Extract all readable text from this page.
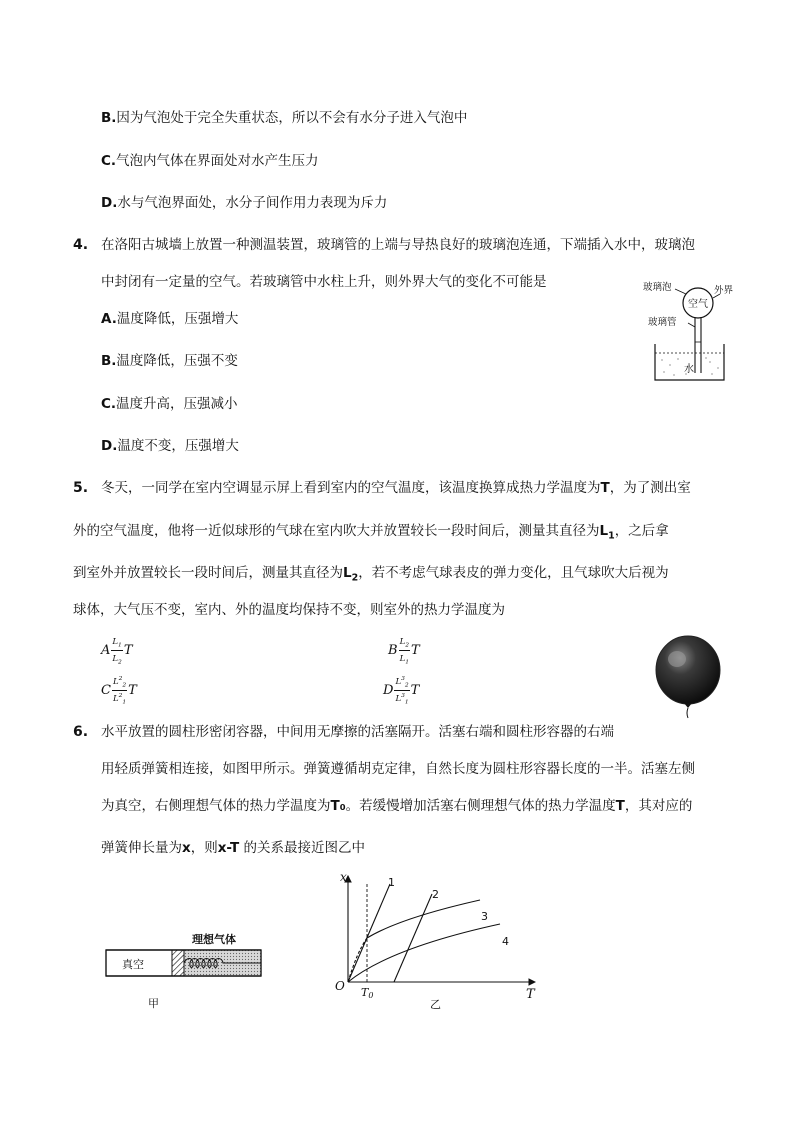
B.因为气泡处于完全失重状态，所以不会有水分子进入气泡中
C.气泡内气体在界面处对水产生压力
D.水与气泡界面处，水分子间作用力表现为斥力
4. 在洛阳古城墙上放置一种测温装置，玻璃管的上端与导热良好的玻璃泡连通，下端插入水中，玻璃泡
中封闭有一定量的空气。若玻璃管中水柱上升，则外界大气的变化不可能是
A.温度降低，压强增大
B.温度降低，压强不变
C.温度升高，压强减小
D.温度不变，压强增大
玻璃泡
空气
外界
玻璃管
水
5. 冬天，一同学在室内空调显示屏上看到室内的空气温度，该温度换算成热力学温度为T，为了测出室
外的空气温度，他将一近似球形的气球在室内吹大并放置较长一段时间后，测量其直径为$L_1$，之后拿
到室外并放置较长一段时间后，测量其直径为$L_2$，若不考虑气球表皮的弹力变化，且气球吹大后视为
球体，大气压不变，室内、外的温度均保持不变，则室外的热力学温度为
A $\frac{L_1}{L_2}$ T	B $\frac{L_2}{L_1}$ T
C $\frac{L^2_2}{L^2_1}$ T	D $\frac{L^3_2}{L^3_1}$ T
6. 水平放置的圆柱形密闭容器，中间用无摩擦的活塞隔开。活塞右端和圆柱形容器的右端
用轻质弹簧相连接，如图甲所示。弹簧遵循胡克定律，自然长度为圆柱形容器长度的一半。活塞左侧
为真空，右侧理想气体的热力学温度为T₀。若缓慢增加活塞右侧理想气体的热力学温度T，其对应的
弹簧伸长量为x，则x-T 的关系最接近图乙中
理想气体
真空
甲
T
x
O T0
乙
1
2
3
4
